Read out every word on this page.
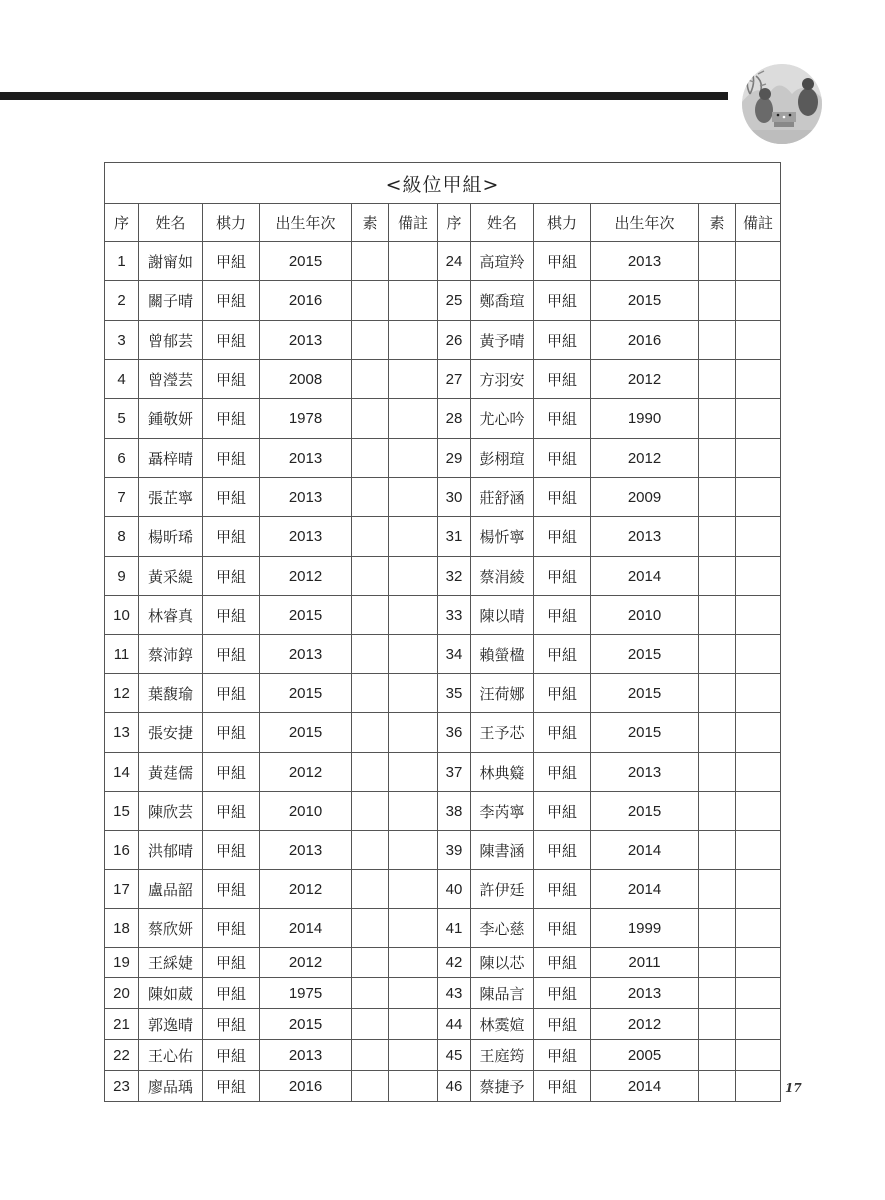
<級位甲組>											
序	姓名	棋力	出生年次	素	備註	序	姓名	棋力	出生年次	素	備註
1	謝甯如	甲組	2015			24	高瑄羚	甲組	2013		
2	關子晴	甲組	2016			25	鄭喬瑄	甲組	2015		
3	曾郁芸	甲組	2013			26	黃予晴	甲組	2016		
4	曾瀅芸	甲組	2008			27	方羽安	甲組	2012		
5	鍾敬妍	甲組	1978			28	尤心吟	甲組	1990		
6	聶梓晴	甲組	2013			29	彭栩瑄	甲組	2012		
7	張芷寧	甲組	2013			30	莊舒涵	甲組	2009		
8	楊昕琋	甲組	2013			31	楊忻寧	甲組	2013		
9	黃采緹	甲組	2012			32	蔡涓綾	甲組	2014		
10	林睿真	甲組	2015			33	陳以晴	甲組	2010		
11	蔡沛錞	甲組	2013			34	賴螢楹	甲組	2015		
12	葉馥瑜	甲組	2015			35	汪荷娜	甲組	2015		
13	張安捷	甲組	2015			36	王予芯	甲組	2015		
14	黃莛儒	甲組	2012			37	林典籎	甲組	2013		
15	陳欣芸	甲組	2010			38	李芮寧	甲組	2015		
16	洪郁晴	甲組	2013			39	陳書涵	甲組	2014		
17	盧品韶	甲組	2012			40	許伊廷	甲組	2014		
18	蔡欣妍	甲組	2014			41	李心慈	甲組	1999		
19	王綵婕	甲組	2012			42	陳以芯	甲組	2011		
20	陳如葳	甲組	1975			43	陳品言	甲組	2013		
21	郭逸晴	甲組	2015			44	林霙媗	甲組	2012		
22	王心佑	甲組	2013			45	王庭筠	甲組	2005		
23	廖品瑀	甲組	2016			46	蔡捷予	甲組	2014			17
